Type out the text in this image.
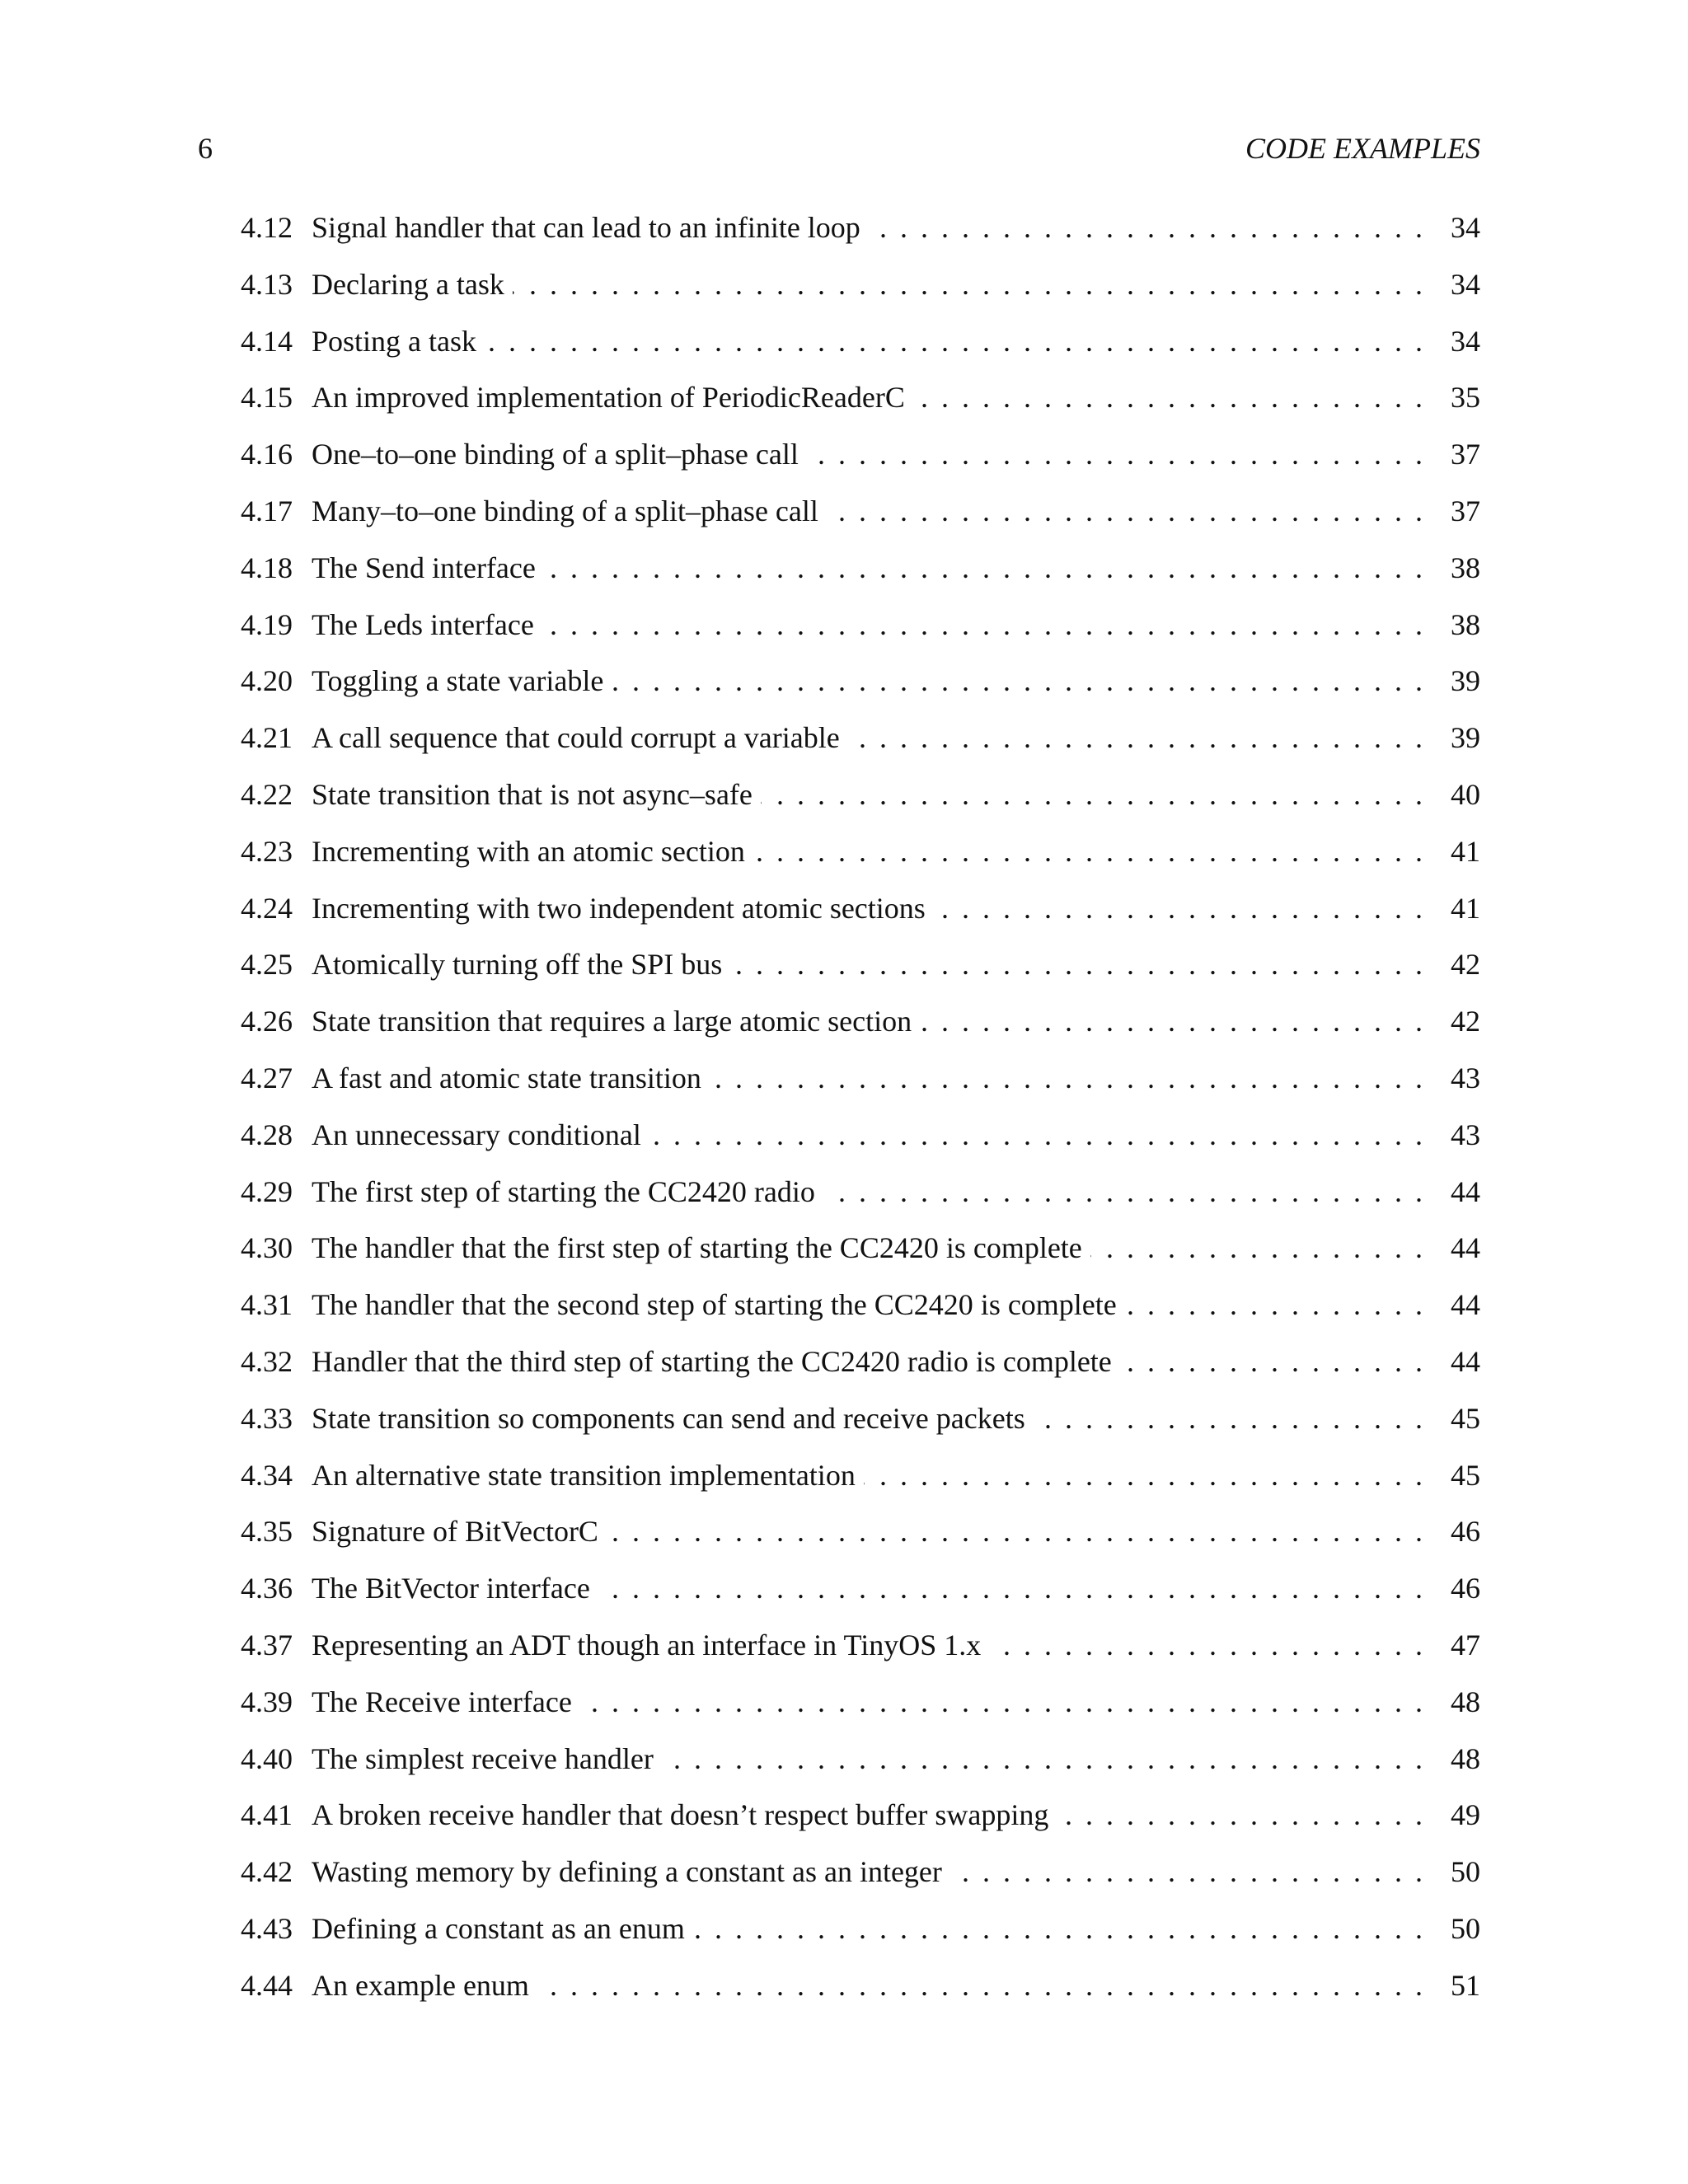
6	CODE EXAMPLES
4.12 Signal handler that can lead to an infinite loop . . .	34
4.13 Declaring a task . . .	34
4.14 Posting a task . . .	34
4.15 An improved implementation of PeriodicReaderC . . .	35
4.16 One–to–one binding of a split–phase call . . .	37
4.17 Many–to–one binding of a split–phase call . . .	37
4.18 The Send interface . . .	38
4.19 The Leds interface . . .	38
4.20 Toggling a state variable . . .	39
4.21 A call sequence that could corrupt a variable . . .	39
4.22 State transition that is not async–safe . . .	40
4.23 Incrementing with an atomic section . . .	41
4.24 Incrementing with two independent atomic sections . . .	41
4.25 Atomically turning off the SPI bus . . .	42
4.26 State transition that requires a large atomic section . . .	42
4.27 A fast and atomic state transition . . .	43
4.28 An unnecessary conditional . . .	43
4.29 The first step of starting the CC2420 radio . . .	44
4.30 The handler that the first step of starting the CC2420 is complete . . .	44
4.31 The handler that the second step of starting the CC2420 is complete . . .	44
4.32 Handler that the third step of starting the CC2420 radio is complete . . .	44
4.33 State transition so components can send and receive packets . . .	45
4.34 An alternative state transition implementation . . .	45
4.35 Signature of BitVectorC . . .	46
4.36 The BitVector interface . . .	46
4.37 Representing an ADT though an interface in TinyOS 1.x . . .	47
4.39 The Receive interface . . .	48
4.40 The simplest receive handler . . .	48
4.41 A broken receive handler that doesn’t respect buffer swapping . . .	49
4.42 Wasting memory by defining a constant as an integer . . .	50
4.43 Defining a constant as an enum . . .	50
4.44 An example enum . . .	51
